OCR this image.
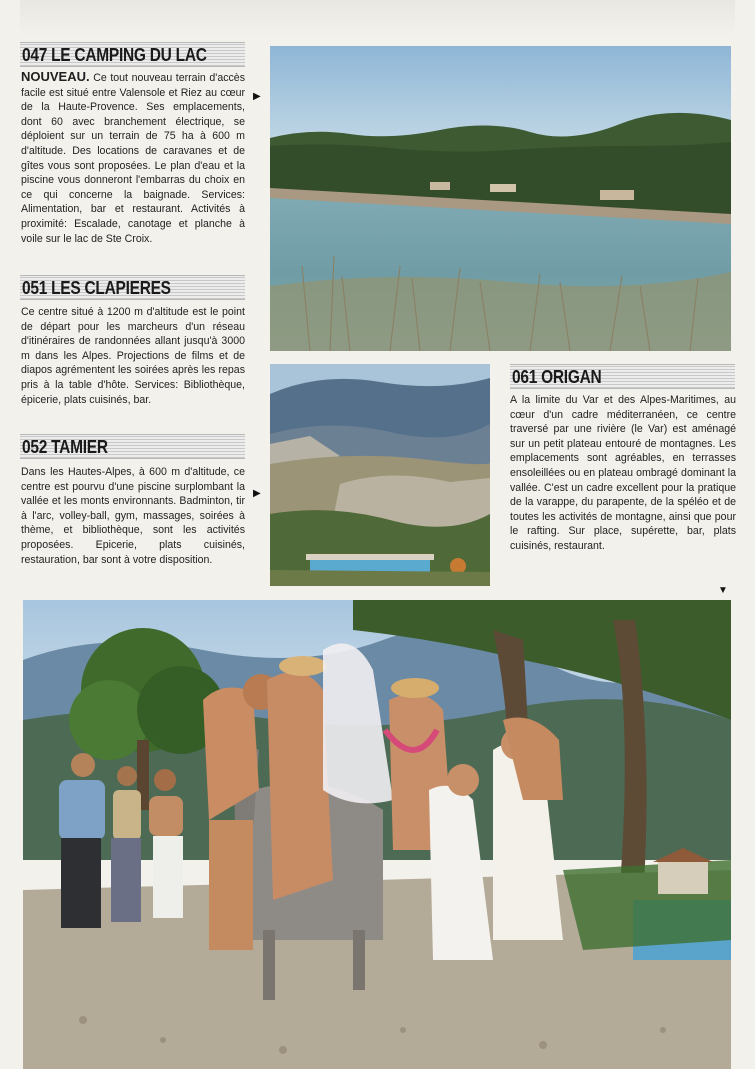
047 LE CAMPING DU LAC
NOUVEAU. Ce tout nouveau terrain d'accès facile est situé entre Valensole et Riez au cœur de la Haute-Provence. Ses emplacements, dont 60 avec branchement électrique, se déploient sur un terrain de 75 ha à 600 m d'altitude. Des locations de caravanes et de gîtes vous sont proposées. Le plan d'eau et la piscine vous donneront l'embarras du choix en ce qui concerne la baignade. Services: Alimentation, bar et restaurant. Activités à proximité: Escalade, canotage et planche à voile sur le lac de Ste Croix.
▶
051 LES CLAPIERES
Ce centre situé à 1200 m d'altitude est le point de départ pour les marcheurs d'un réseau d'itinéraires de randonnées allant jusqu'à 3000 m dans les Alpes. Projections de films et de diapos agrémentent les soirées après les repas pris à la table d'hôte. Services: Bibliothèque, épicerie, plats cuisinés, bar.
052 TAMIER
Dans les Hautes-Alpes, à 600 m d'altitude, ce centre est pourvu d'une piscine surplombant la vallée et les monts environnants. Badminton, tir à l'arc, volley-ball, gym, massages, soirées à thème, et bibliothèque, sont les activités proposées. Epicerie, plats cuisinés, restauration, bar sont à votre disposition.
▶
061 ORIGAN
A la limite du Var et des Alpes-Maritimes, au cœur d'un cadre méditerranéen, ce centre traversé par une rivière (le Var) est aménagé sur un petit plateau entouré de montagnes. Les emplacements sont agréables, en terrasses ensoleillées ou en plateau ombragé dominant la vallée. C'est un cadre excellent pour la pratique de la varappe, du parapente, de la spéléo et de toutes les activités de montagne, ainsi que pour le rafting. Sur place, supérette, bar, plats cuisinés, restaurant.
▼
